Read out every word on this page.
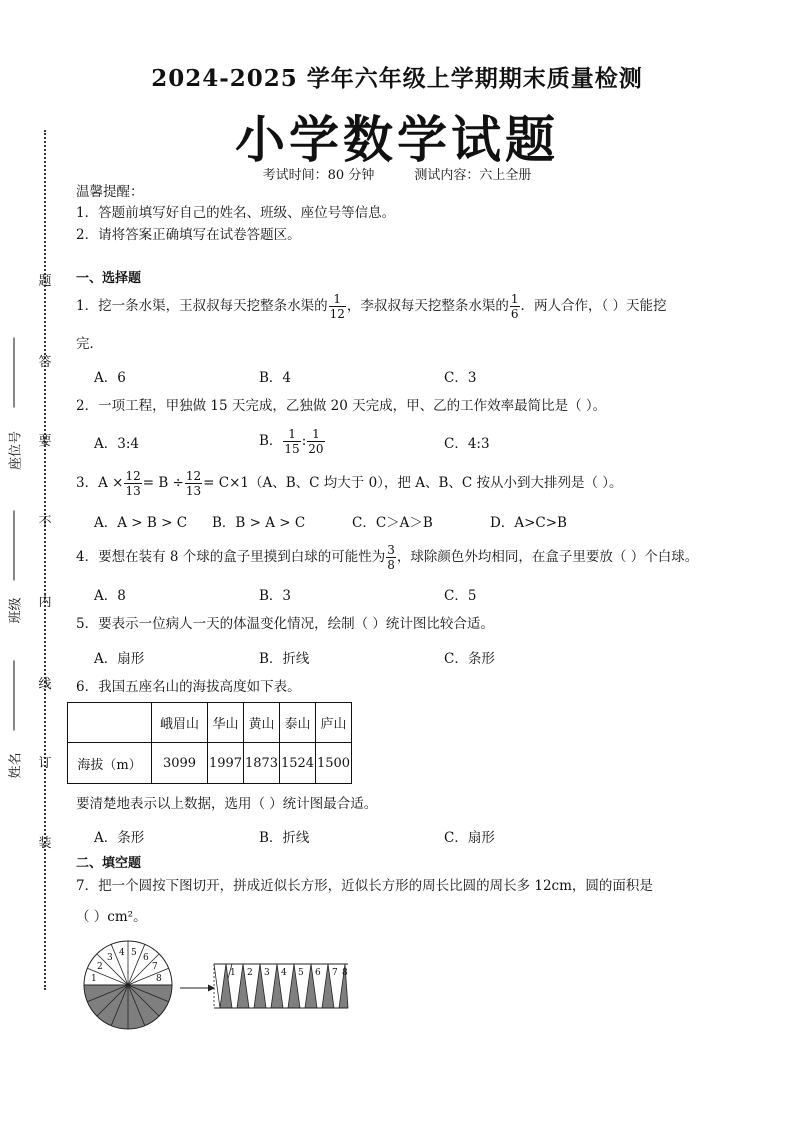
2024-2025 学年六年级上学期期末质量检测
小学数学试题
考试时间：80 分钟	测试内容：六上全册
题
答
要
不
内
线
订
装
座位号
班级
姓名
温馨提醒：
1．答题前填写好自己的姓名、班级、座位号等信息。
2．请将答案正确填写在试卷答题区。
一、选择题
1．挖一条水渠，王叔叔每天挖整条水渠的 $\frac{1}{12}$ ，李叔叔每天挖整条水渠的 $\frac{1}{6}$ ．两人合作，（ ）天能挖
完．
A．6	B．4	C．3
2．一项工程，甲独做 15 天完成，乙独做 20 天完成，甲、乙的工作效率最简比是（ ）。
A．3:4	B． $\frac{1}{15}$ : $\frac{1}{20}$	C．4:3
3．$A \times \frac{12}{13} = B \div \frac{12}{13} = C\times 1(A$、B、C 均大于 0），把 A、B、C 按从小到大排列是（ ）。
A．A > B > C B．B > A > C	C．C＞A＞B	D．A>C>B
4．要想在装有 8 个球的盒子里摸到白球的可能性为 $\frac{3}{8}$ ，球除颜色外均相同，在盒子里要放（ ）个白球。
A．8	B．3	C．5
5．要表示一位病人一天的体温变化情况，绘制（ ）统计图比较合适。
A．扇形	B．折线	C．条形
6．我国五座名山的海拔高度如下表。
	峨眉山	华山	黄山	泰山	庐山
海拔（m）	3099	1997	1873	1524	1500
要清楚地表示以上数据，选用（ ）统计图最合适。
A．条形	B．折线	C．扇形
二、填空题
7．把一个圆按下图切开，拼成近似长方形，近似长方形的周长比圆的周长多 12cm，圆的面积是
（ ）cm²。
1
2
3 4 5 6
7
8
1 2 3 4 5 6 7 8
